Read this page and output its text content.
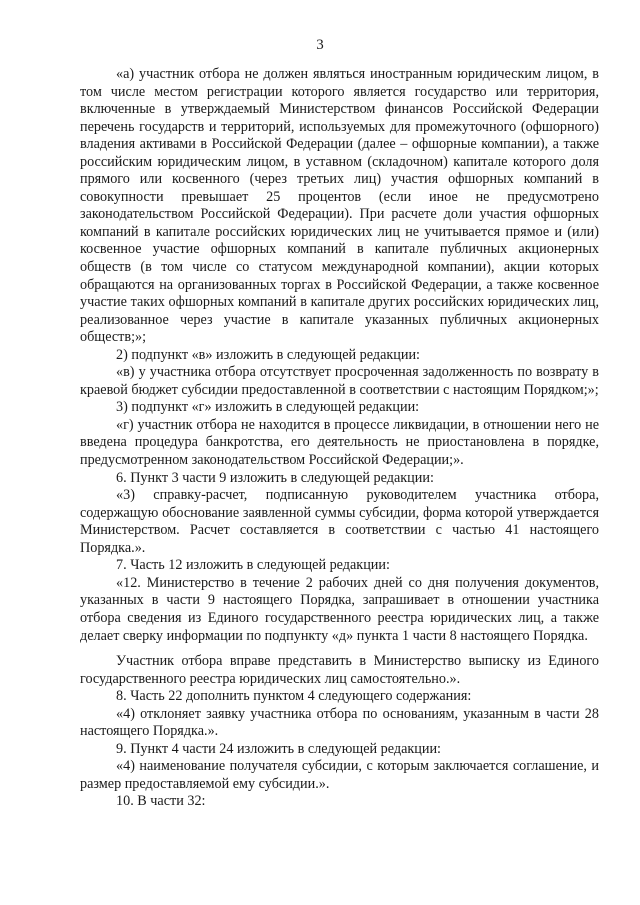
3

«а) участник отбора не должен являться иностранным юридическим лицом, в том числе местом регистрации которого является государство или территория, включенные в утверждаемый Министерством финансов Российской Федерации перечень государств и территорий, используемых для промежуточного (офшорного) владения активами в Российской Федерации (далее – офшорные компании), а также российским юридическим лицом, в уставном (складочном) капитале которого доля прямого или косвенного (через третьих лиц) участия офшорных компаний в совокупности превышает 25 процентов (если иное не предусмотрено законодательством Российской Федерации). При расчете доли участия офшорных компаний в капитале российских юридических лиц не учитывается прямое и (или) косвенное участие офшорных компаний в капитале публичных акционерных обществ (в том числе со статусом международной компании), акции которых обращаются на организованных торгах в Российской Федерации, а также косвенное участие таких офшорных компаний в капитале других российских юридических лиц, реализованное через участие в капитале указанных публичных акционерных обществ;»;

2) подпункт «в» изложить в следующей редакции:

«в) у участника отбора отсутствует просроченная задолженность по возврату в краевой бюджет субсидии предоставленной в соответствии с настоящим Порядком;»;

3) подпункт «г» изложить в следующей редакции:

«г) участник отбора не находится в процессе ликвидации, в отношении него не введена процедура банкротства, его деятельность не приостановлена в порядке, предусмотренном законодательством Российской Федерации;».

6. Пункт 3 части 9 изложить в следующей редакции:

«3) справку-расчет, подписанную руководителем участника отбора, содержащую обоснование заявленной суммы субсидии, форма которой утверждается Министерством. Расчет составляется в соответствии с частью 41 настоящего Порядка.».

7. Часть 12 изложить в следующей редакции:

«12. Министерство в течение 2 рабочих дней со дня получения документов, указанных в части 9 настоящего Порядка, запрашивает в отношении участника отбора сведения из Единого государственного реестра юридических лиц, а также делает сверку информации по подпункту «д» пункта 1 части 8 настоящего Порядка.

Участник отбора вправе представить в Министерство выписку из Единого государственного реестра юридических лиц самостоятельно.».

8. Часть 22 дополнить пунктом 4 следующего содержания:

«4) отклоняет заявку участника отбора по основаниям, указанным в части 28 настоящего Порядка.».

9. Пункт 4 части 24 изложить в следующей редакции:

«4) наименование получателя субсидии, с которым заключается соглашение, и размер предоставляемой ему субсидии.».

10. В части 32:
